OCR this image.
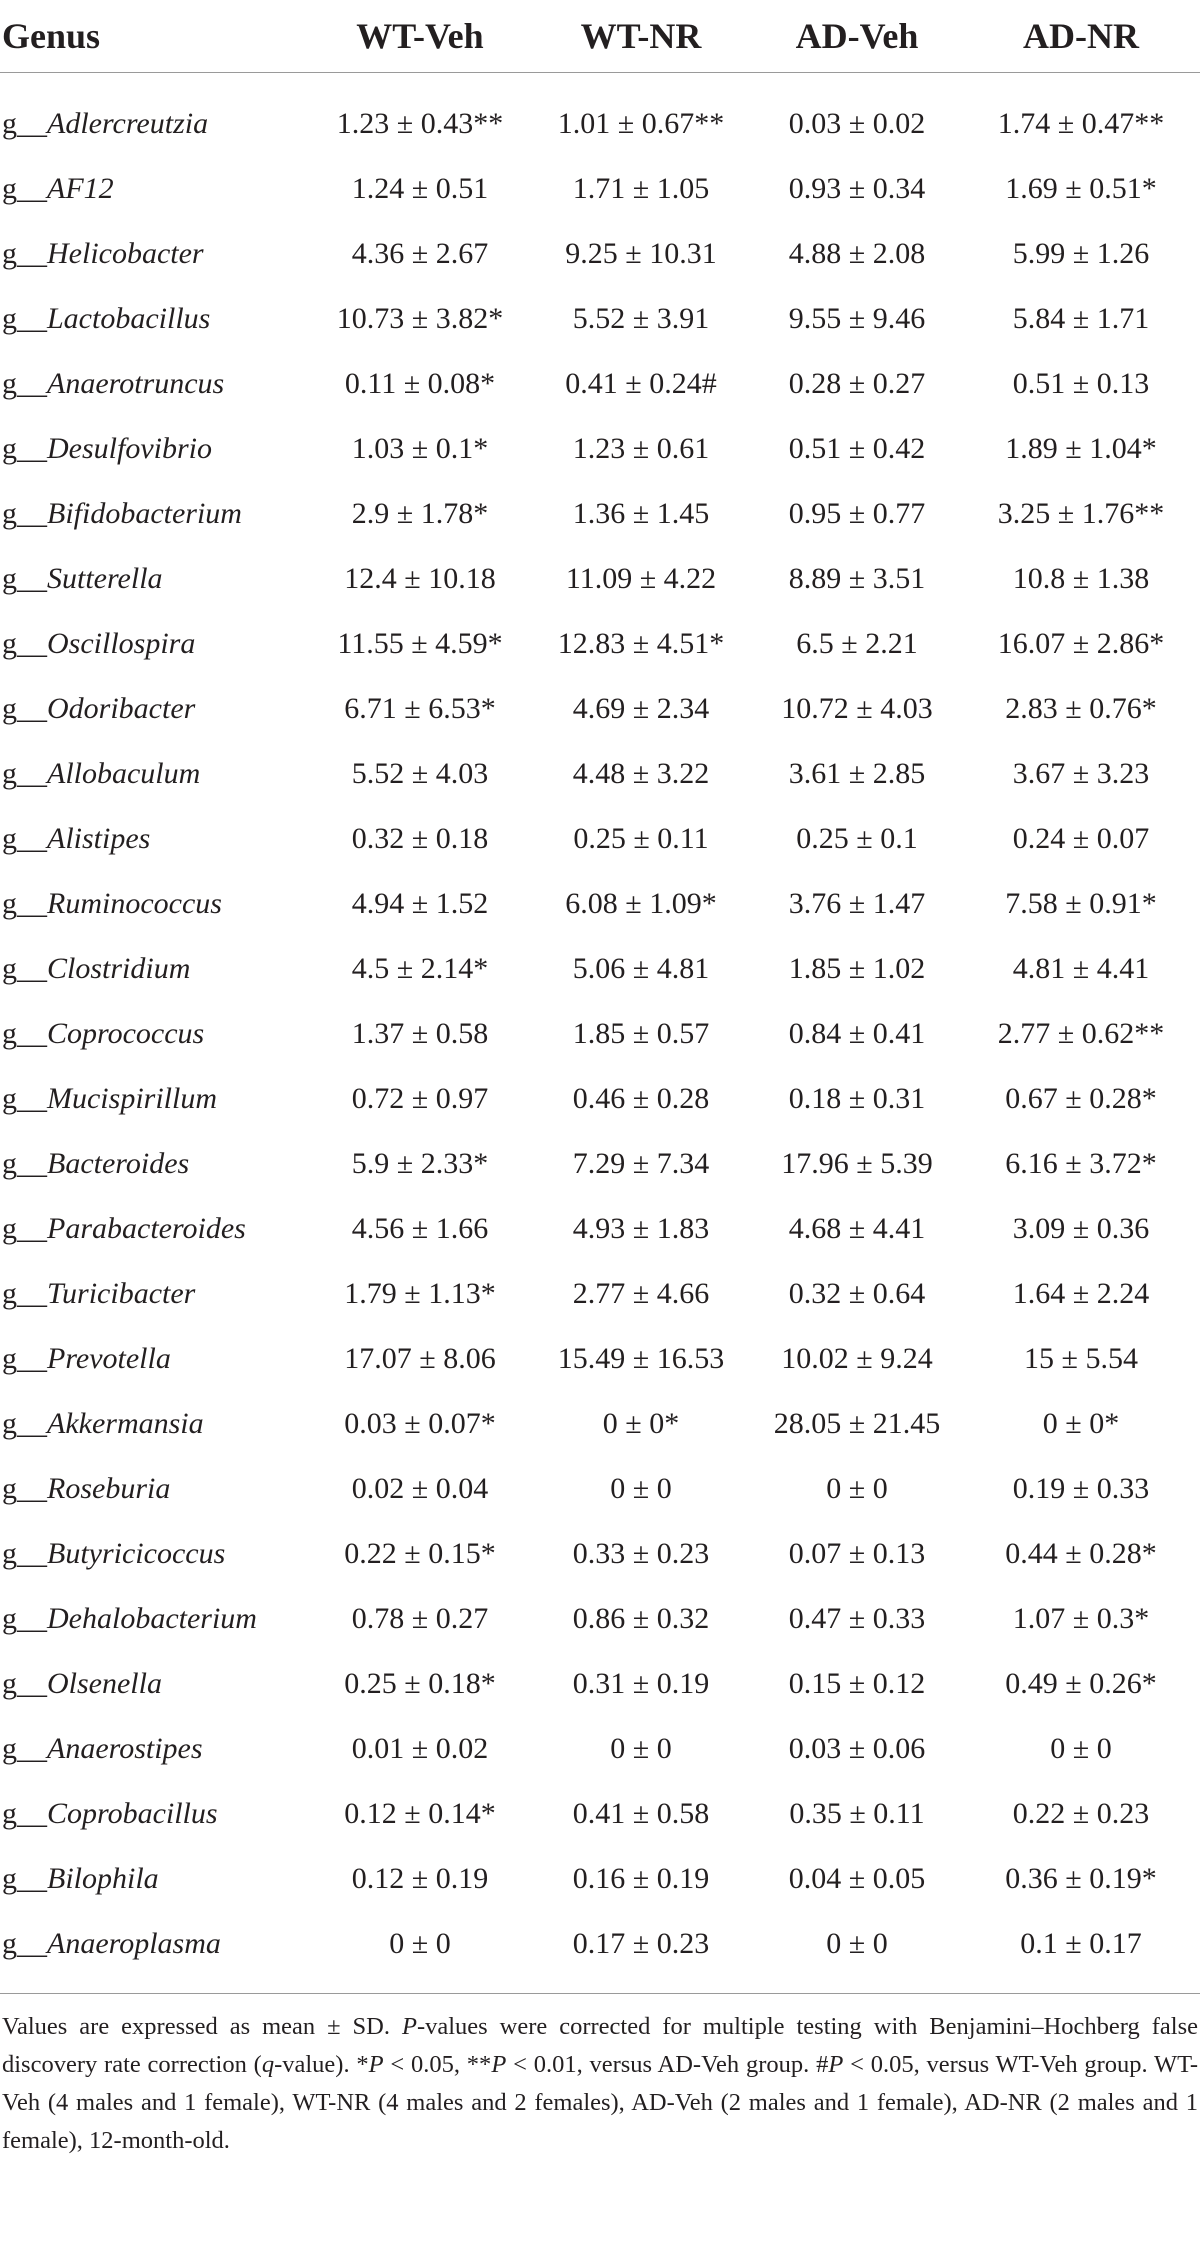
Genus	WT-Veh	WT-NR	AD-Veh	AD-NR

g__Adlercreutzia	1.23 ± 0.43**	1.01 ± 0.67**	0.03 ± 0.02	1.74 ± 0.47**
g__AF12	1.24 ± 0.51	1.71 ± 1.05	0.93 ± 0.34	1.69 ± 0.51*
g__Helicobacter	4.36 ± 2.67	9.25 ± 10.31	4.88 ± 2.08	5.99 ± 1.26
g__Lactobacillus	10.73 ± 3.82*	5.52 ± 3.91	9.55 ± 9.46	5.84 ± 1.71
g__Anaerotruncus	0.11 ± 0.08*	0.41 ± 0.24#	0.28 ± 0.27	0.51 ± 0.13
g__Desulfovibrio	1.03 ± 0.1*	1.23 ± 0.61	0.51 ± 0.42	1.89 ± 1.04*
g__Bifidobacterium	2.9 ± 1.78*	1.36 ± 1.45	0.95 ± 0.77	3.25 ± 1.76**
g__Sutterella	12.4 ± 10.18	11.09 ± 4.22	8.89 ± 3.51	10.8 ± 1.38
g__Oscillospira	11.55 ± 4.59*	12.83 ± 4.51*	6.5 ± 2.21	16.07 ± 2.86*
g__Odoribacter	6.71 ± 6.53*	4.69 ± 2.34	10.72 ± 4.03	2.83 ± 0.76*
g__Allobaculum	5.52 ± 4.03	4.48 ± 3.22	3.61 ± 2.85	3.67 ± 3.23
g__Alistipes	0.32 ± 0.18	0.25 ± 0.11	0.25 ± 0.1	0.24 ± 0.07
g__Ruminococcus	4.94 ± 1.52	6.08 ± 1.09*	3.76 ± 1.47	7.58 ± 0.91*
g__Clostridium	4.5 ± 2.14*	5.06 ± 4.81	1.85 ± 1.02	4.81 ± 4.41
g__Coprococcus	1.37 ± 0.58	1.85 ± 0.57	0.84 ± 0.41	2.77 ± 0.62**
g__Mucispirillum	0.72 ± 0.97	0.46 ± 0.28	0.18 ± 0.31	0.67 ± 0.28*
g__Bacteroides	5.9 ± 2.33*	7.29 ± 7.34	17.96 ± 5.39	6.16 ± 3.72*
g__Parabacteroides	4.56 ± 1.66	4.93 ± 1.83	4.68 ± 4.41	3.09 ± 0.36
g__Turicibacter	1.79 ± 1.13*	2.77 ± 4.66	0.32 ± 0.64	1.64 ± 2.24
g__Prevotella	17.07 ± 8.06	15.49 ± 16.53	10.02 ± 9.24	15 ± 5.54
g__Akkermansia	0.03 ± 0.07*	0 ± 0*	28.05 ± 21.45	0 ± 0*
g__Roseburia	0.02 ± 0.04	0 ± 0	0 ± 0	0.19 ± 0.33
g__Butyricicoccus	0.22 ± 0.15*	0.33 ± 0.23	0.07 ± 0.13	0.44 ± 0.28*
g__Dehalobacterium	0.78 ± 0.27	0.86 ± 0.32	0.47 ± 0.33	1.07 ± 0.3*
g__Olsenella	0.25 ± 0.18*	0.31 ± 0.19	0.15 ± 0.12	0.49 ± 0.26*
g__Anaerostipes	0.01 ± 0.02	0 ± 0	0.03 ± 0.06	0 ± 0
g__Coprobacillus	0.12 ± 0.14*	0.41 ± 0.58	0.35 ± 0.11	0.22 ± 0.23
g__Bilophila	0.12 ± 0.19	0.16 ± 0.19	0.04 ± 0.05	0.36 ± 0.19*
g__Anaeroplasma	0 ± 0	0.17 ± 0.23	0 ± 0	0.1 ± 0.17
Values are expressed as mean ± SD. P-values were corrected for multiple testing with Benjamini–Hochberg false discovery rate correction (q-value). *P < 0.05, **P < 0.01, versus AD-Veh group. #P < 0.05, versus WT-Veh group. WT-Veh (4 males and 1 female), WT-NR (4 males and 2 females), AD-Veh (2 males and 1 female), AD-NR (2 males and 1 female), 12-month-old.
